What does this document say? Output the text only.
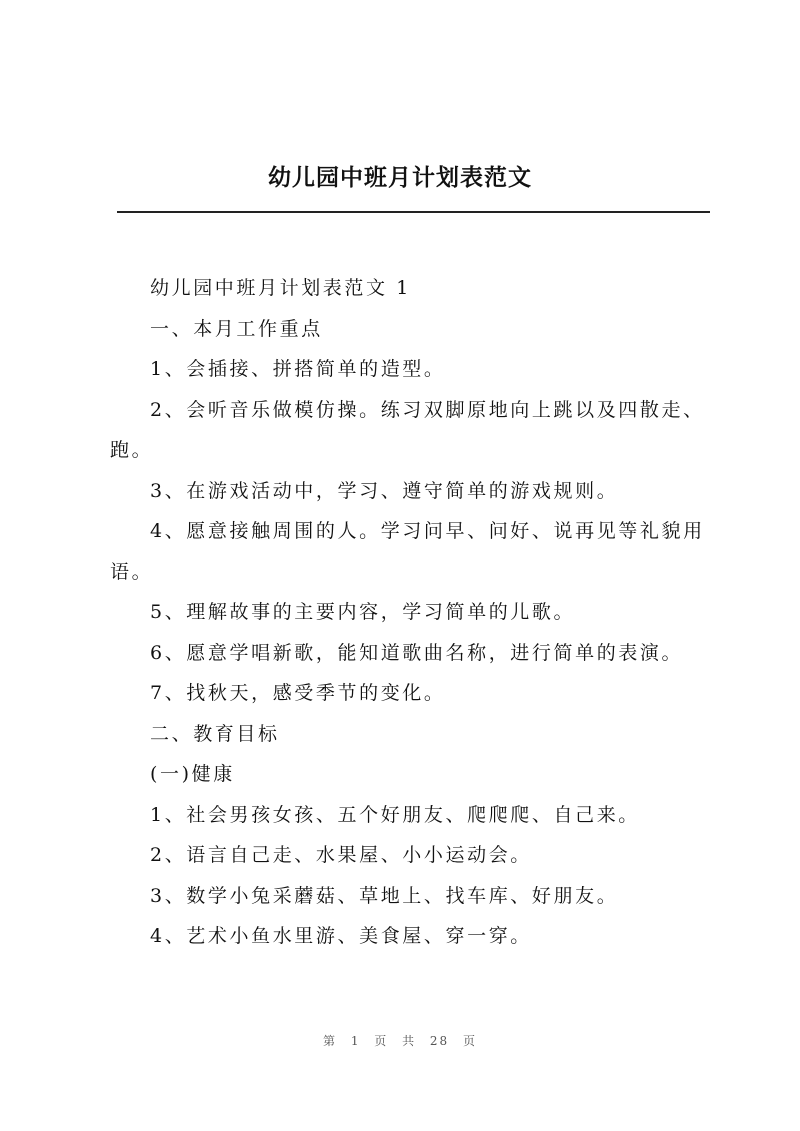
幼儿园中班月计划表范文

幼儿园中班月计划表范文 1

一、本月工作重点

1、会插接、拼搭简单的造型。

2、会听音乐做模仿操。练习双脚原地向上跳以及四散走、跑。

3、在游戏活动中，学习、遵守简单的游戏规则。

4、愿意接触周围的人。学习问早、问好、说再见等礼貌用语。

5、理解故事的主要内容，学习简单的儿歌。

6、愿意学唱新歌，能知道歌曲名称，进行简单的表演。

7、找秋天，感受季节的变化。

二、教育目标

(一)健康

1、社会男孩女孩、五个好朋友、爬爬爬、自己来。

2、语言自己走、水果屋、小小运动会。

3、数学小兔采蘑菇、草地上、找车库、好朋友。

4、艺术小鱼水里游、美食屋、穿一穿。

第 1 页 共 28 页
